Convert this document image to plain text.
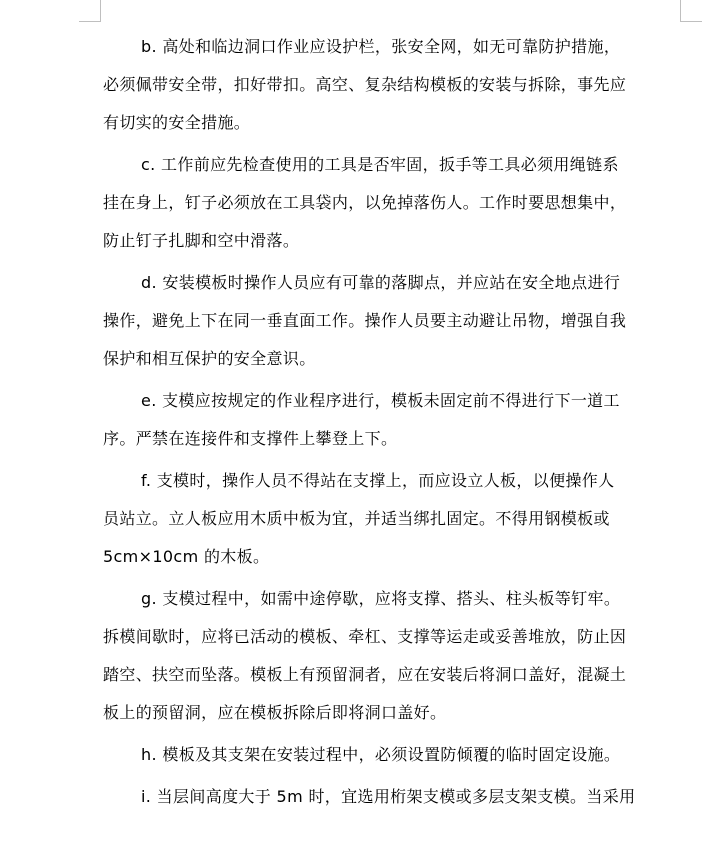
b. 高处和临边洞口作业应设护栏，张安全网，如无可靠防护措施，
必须佩带安全带，扣好带扣。高空、复杂结构模板的安装与拆除，事先应
有切实的安全措施。

c. 工作前应先检查使用的工具是否牢固，扳手等工具必须用绳链系
挂在身上，钉子必须放在工具袋内，以免掉落伤人。工作时要思想集中，
防止钉子扎脚和空中滑落。

d. 安装模板时操作人员应有可靠的落脚点，并应站在安全地点进行
操作，避免上下在同一垂直面工作。操作人员要主动避让吊物，增强自我
保护和相互保护的安全意识。

e. 支模应按规定的作业程序进行，模板未固定前不得进行下一道工
序。严禁在连接件和支撑件上攀登上下。

f. 支模时，操作人员不得站在支撑上，而应设立人板，以便操作人
员站立。立人板应用木质中板为宜，并适当绑扎固定。不得用钢模板或
5cm×10cm 的木板。

g. 支模过程中，如需中途停歇，应将支撑、搭头、柱头板等钉牢。
拆模间歇时，应将已活动的模板、牵杠、支撑等运走或妥善堆放，防止因
踏空、扶空而坠落。模板上有预留洞者，应在安装后将洞口盖好，混凝土
板上的预留洞，应在模板拆除后即将洞口盖好。

h. 模板及其支架在安装过程中，必须设置防倾覆的临时固定设施。

i. 当层间高度大于 5m 时，宜选用桁架支模或多层支架支模。当采用
